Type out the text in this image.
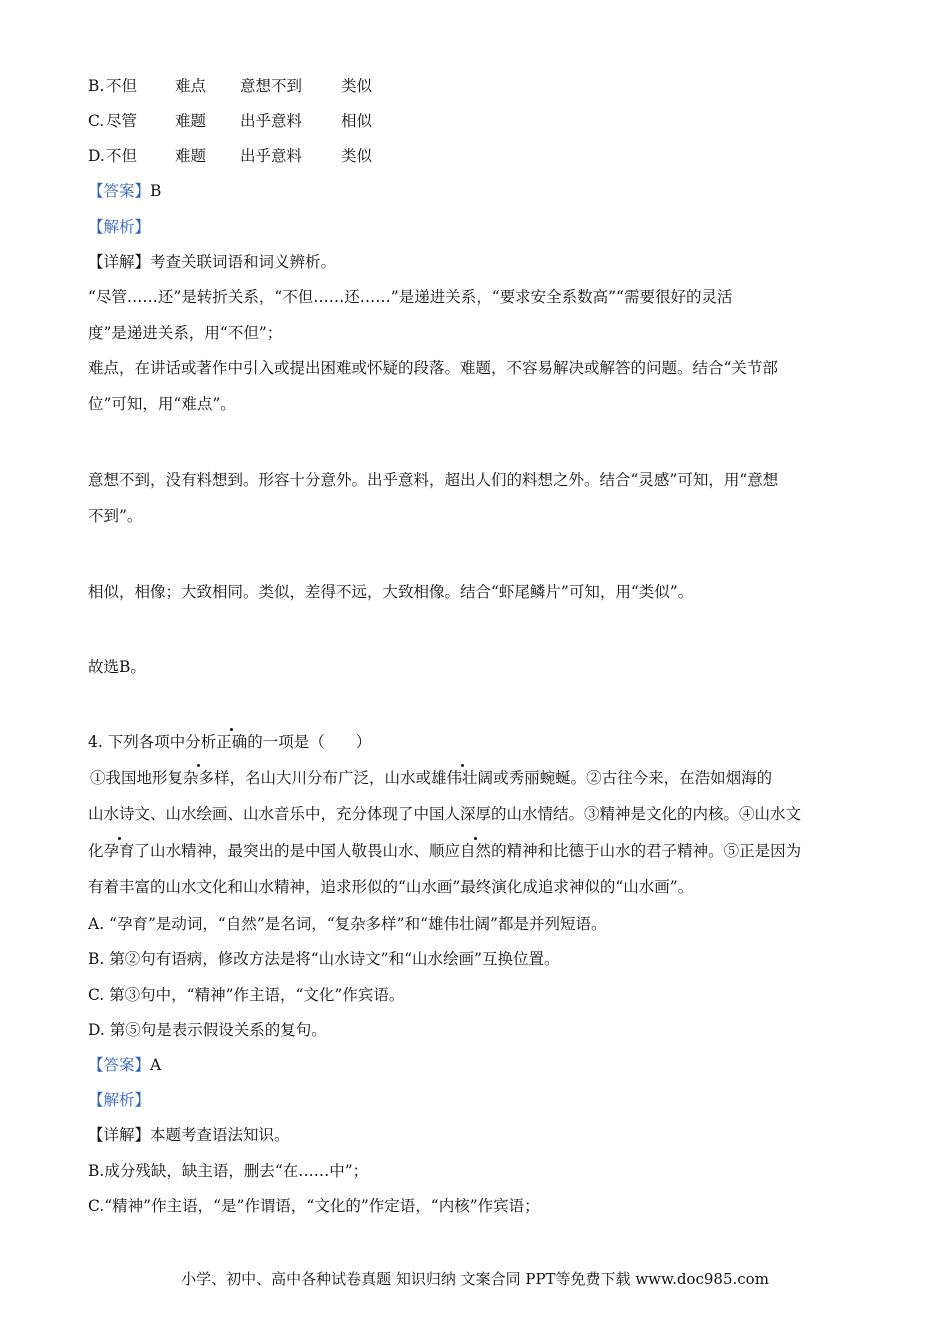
B. 不但 难点 意想不到	类似
C. 尽管 难题 出乎意料	相似
D. 不但 难题 出乎意料	类似
【答案】B
【解析】
【详解】考查关联词语和词义辨析。
“尽管……还”是转折关系，“不但……还……”是递进关系，“要求安全系数高”“需要很好的灵活
度”是递进关系，用“不但”；
难点，在讲话或著作中引入或提出困难或怀疑的段落。难题，不容易解决或解答的问题。结合“关节部
位”可知，用“难点”。
意想不到，没有料想到。形容十分意外。出乎意料，超出人们的料想之外。结合“灵感”可知，用“意想
不到”。
相似，相像；大致相同。类似，差得不远，大致相像。结合“虾尾鳞片”可知，用“类似”。
故选B。
4. 下列各项中分析正确的一项是（　　）
①我国地形复杂多样，名山大川分布广泛，山水或雄伟壮阔或秀丽蜿蜒。②古往今来，在浩如烟海的
山水诗文、山水绘画、山水音乐中，充分体现了中国人深厚的山水情结。③精神是文化的内核。④山水文
化孕育了山水精神，最突出的是中国人敬畏山水、顺应自然的精神和比德于山水的君子精神。⑤正是因为
有着丰富的山水文化和山水精神，追求形似的“山水画”最终演化成追求神似的“山水画”。
A. “孕育”是动词，“自然”是名词，“复杂多样”和“雄伟壮阔”都是并列短语。
B. 第②句有语病，修改方法是将“山水诗文”和“山水绘画”互换位置。
C. 第③句中，“精神”作主语，“文化”作宾语。
D. 第⑤句是表示假设关系的复句。
【答案】A
【解析】
【详解】本题考查语法知识。
B.成分残缺，缺主语，删去“在……中”；
C.“精神”作主语，“是”作谓语，“文化的”作定语，“内核”作宾语；
小学、初中、高中各种试卷真题 知识归纳 文案合同 PPT等免费下载 www.doc985.com
